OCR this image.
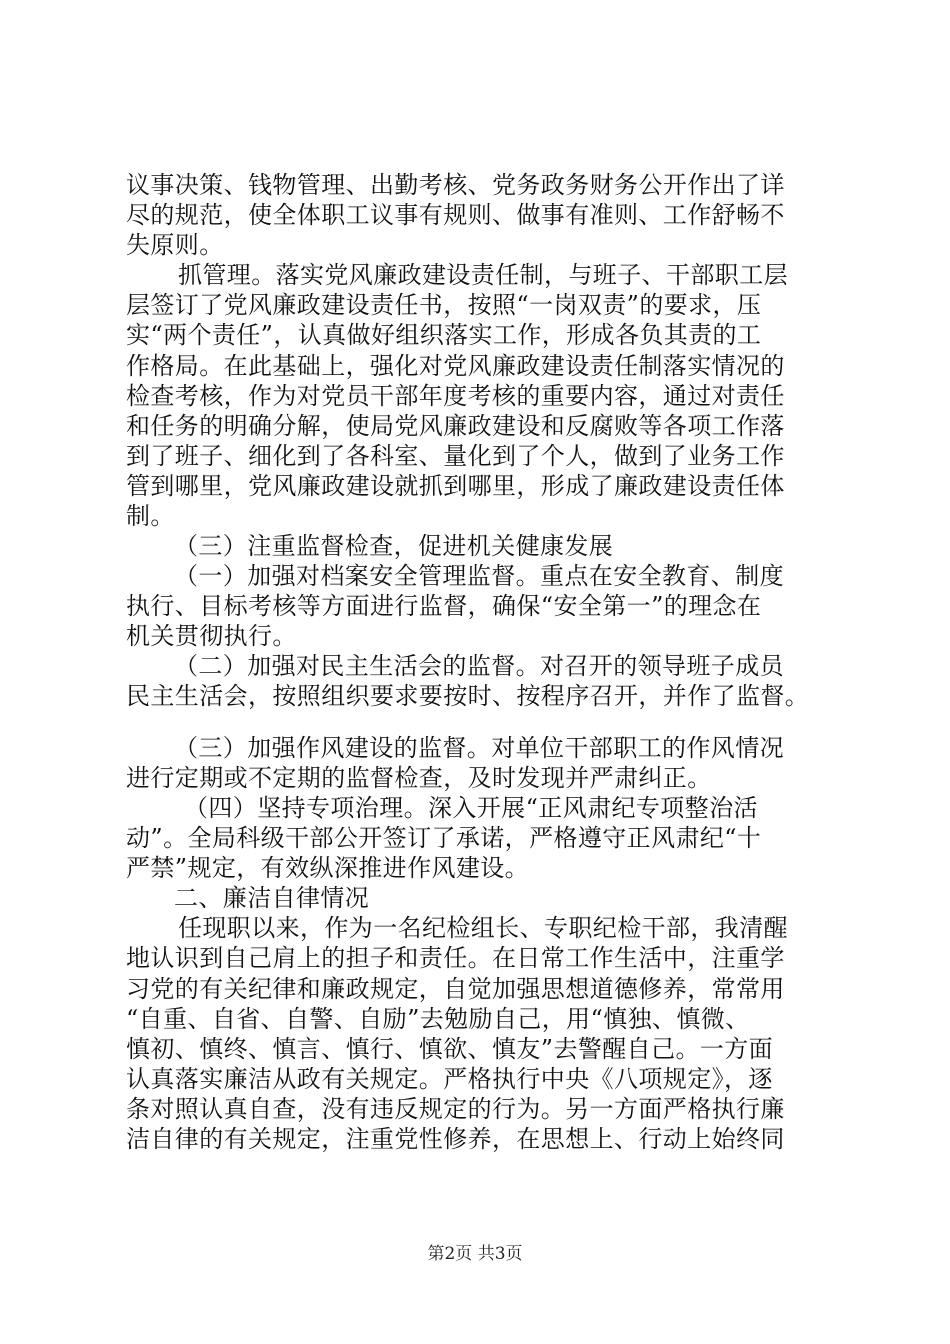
议事决策、钱物管理、出勤考核、党务政务财务公开作出了详
尽的规范，使全体职工议事有规则、做事有准则、工作舒畅不
失原则。
抓管理。落实党风廉政建设责任制，与班子、干部职工层
层签订了党风廉政建设责任书，按照“一岗双责”的要求，压
实“两个责任”，认真做好组织落实工作，形成各负其责的工
作格局。在此基础上，强化对党风廉政建设责任制落实情况的
检查考核，作为对党员干部年度考核的重要内容，通过对责任
和任务的明确分解，使局党风廉政建设和反腐败等各项工作落
到了班子、细化到了各科室、量化到了个人，做到了业务工作
管到哪里，党风廉政建设就抓到哪里，形成了廉政建设责任体
制。
（三）注重监督检查，促进机关健康发展
（一）加强对档案安全管理监督。重点在安全教育、制度
执行、目标考核等方面进行监督，确保“安全第一”的理念在
机关贯彻执行。
（二）加强对民主生活会的监督。对召开的领导班子成员
民主生活会，按照组织要求要按时、按程序召开，并作了监督。
（三）加强作风建设的监督。对单位干部职工的作风情况
进行定期或不定期的监督检查，及时发现并严肃纠正。
（四）坚持专项治理。深入开展“正风肃纪专项整治活
动”。全局科级干部公开签订了承诺，严格遵守正风肃纪“十
严禁”规定，有效纵深推进作风建设。
二、廉洁自律情况
任现职以来，作为一名纪检组长、专职纪检干部，我清醒
地认识到自己肩上的担子和责任。在日常工作生活中，注重学
习党的有关纪律和廉政规定，自觉加强思想道德修养，常常用
“自重、自省、自警、自励”去勉励自己，用“慎独、慎微、
慎初、慎终、慎言、慎行、慎欲、慎友”去警醒自己。一方面
认真落实廉洁从政有关规定。严格执行中央《八项规定》，逐
条对照认真自查，没有违反规定的行为。另一方面严格执行廉
洁自律的有关规定，注重党性修养，在思想上、行动上始终同
第2页 共3页
